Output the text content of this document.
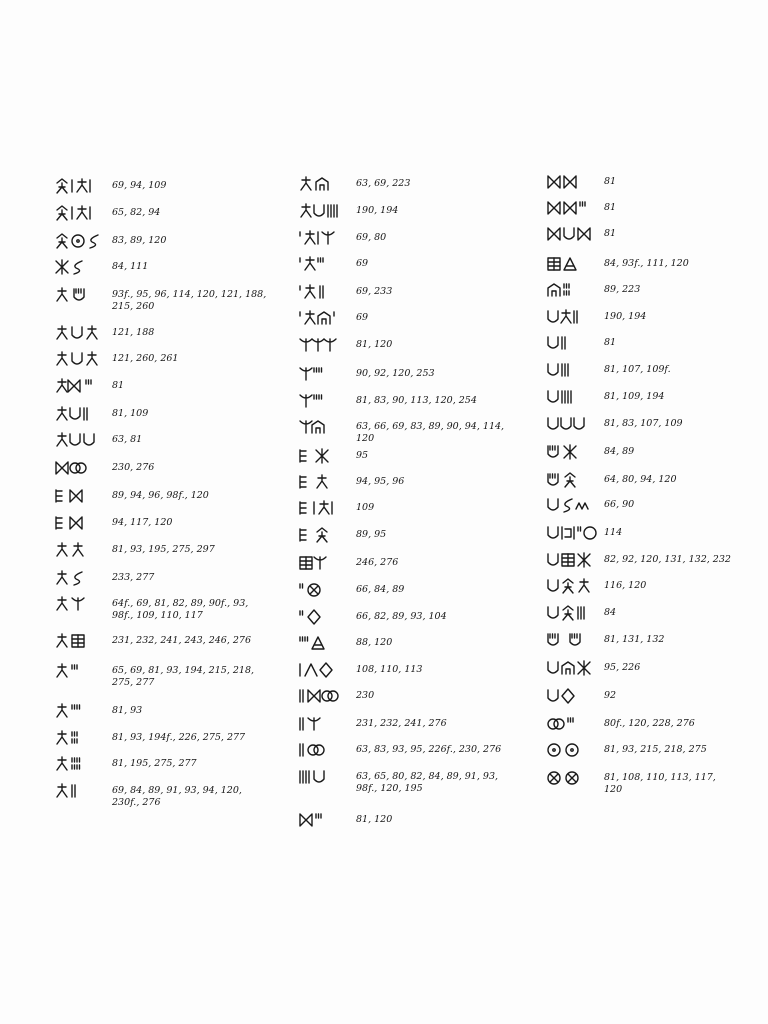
69, 94, 109
65, 82, 94
83, 89, 120
84, 111
93f., 95, 96, 114, 120, 121, 188, 215, 260
121, 188
121, 260, 261
81
81, 109
63, 81
230, 276
89, 94, 96, 98f., 120
94, 117, 120
81, 93, 195, 275, 297
233, 277
64f., 69, 81, 82, 89, 90f., 93, 98f., 109, 110, 117
231, 232, 241, 243, 246, 276
65, 69, 81, 93, 194, 215, 218, 275, 277
81, 93
81, 93, 194f., 226, 275, 277
81, 195, 275, 277
69, 84, 89, 91, 93, 94, 120, 230f., 276
63, 69, 223
190, 194
69, 80
69
69, 233
69
81, 120
90, 92, 120, 253
81, 83, 90, 113, 120, 254
63, 66, 69, 83, 89, 90, 94, 114, 120
95
94, 95, 96
109
89, 95
246, 276
66, 84, 89
66, 82, 89, 93, 104
88, 120
108, 110, 113
230
231, 232, 241, 276
63, 83, 93, 95, 226f., 230, 276
63, 65, 80, 82, 84, 89, 91, 93, 98f., 120, 195
81, 120
81
81
81
84, 93f., 111, 120
89, 223
190, 194
81
81, 107, 109f.
81, 109, 194
81, 83, 107, 109
84, 89
64, 80, 94, 120
66, 90
114
82, 92, 120, 131, 132, 232
116, 120
84
81, 131, 132
95, 226
92
80f., 120, 228, 276
81, 93, 215, 218, 275
81, 108, 110, 113, 117, 120
